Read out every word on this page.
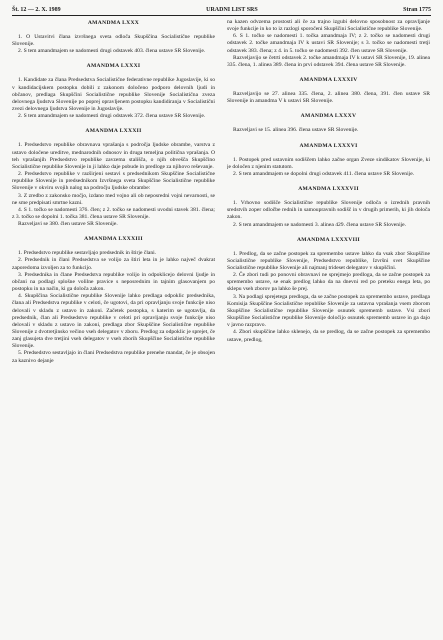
Št. 12 — 2. X. 1989	URADNI LIST SRS	Stran 1775
AMANDMA LXXX

1. O Ustavitvi člana izvršnega sveta odloča Skupščina Socialistične republike Slovenije.

2. S tem amandmajem se nadomesti drugi odstavek 403. člena ustave SR Slovenije.

AMANDMA LXXXI

1. Kandidate za člana Predsedstva Socialistične federativne republike Jugoslavije, ki so v kandidacijskem postopku dobili z zakonom določeno podporo delovnih ljudi in občanov, predlaga Skupščini Socialistične republike Slovenije Socialistična zveza delovnega ljudstva Slovenije po poprej opravljenem postopku kandidiranja v Socialistični zvezi delovnega ljudstva Slovenije in Jugoslavije.

2. S tem amandmajem se nadomesti drugi odstavek 372. člena ustave SR Slovenije.

AMANDMA LXXXII

1. Predsedstvo republike obravnava vprašanja s področja ljudske obrambe, varstva z ustavo določene ureditve, mednarodnih odnosov in druga temeljna politična vprašanja. O teh vprašanjih Predsedstvo republike zavzema stališča, o njih obvešča Skupščino Socialistične republike Slovenije in ji lahko daje pobude in predloge za njihovo reševanje.

2. Predsedstvo republike v razširjeni sestavi s predsednikom Skupščine Socialistične republike Slovenije in predsednikom Izvršnega sveta Skupščine Socialistične republike Slovenije v okviru svojih nalog na področju ljudske obrambe:

3. Z zredbo z zakonsko močjo, izdano med vojno ali ob neposredni vojni nevarnosti, se ne sme predpisati smrtne kazni.

4. S 1. točko se nadomesti 376. člen; z 2. točko se nadomesti uvodni stavek 381. člena; z 3. točko se dopolni 1. točka 381. člena ustave SR Slovenije.

Razveljavi se 380. člen ustave SR Slovenije.

AMANDMA LXXXIII

1. Predsedstvo republike sestavljajo predsednik in štirje člani.

2. Predsednik in člani Predsedstva se volijo za štiri leta in je lahko največ dvakrat zaporedoma izvoljen za to funkcijo.

3. Predsednika in člane Predsedstva republike volijo in odpoklicejo delovni ljudje in občani na podlagi splošne volilne pravice s neposrednim in tajnim glasovanjem po postopku in na način, ki ga določa zakon.

4. Skupščina Socialistične republike Slovenije lahko predlaga odpoklic predsednika, člana ali Predsedstva republike v celoti, če ugotovi, da pri opravljanju svoje funkcije niso delovali v skladu z ustavo in zakoni. Začetek postopka, s katerim se ugotavlja, da predsednik, član ali Predsedstvo republike v celoti pri opravljanju svoje funkcije niso delovali v skladu z ustavo in zakoni, predlaga zbor Skupščine Socialistične republike Slovenije z dvotretjinsko večino vseh delegatov v zboru. Predlog za odpoklic je sprejet, če zanj glasujeta dve tretjini vseh delegatov v vseh zborih Skupščine Socialistične republike Slovenije.

5. Predsedstvo sestavljajo in člani Predsedstva republike prenehe mandat, če je obsojen za kaznivo dejanje

na kazen odvzema prostosti ali če za trajno izgubi delovno sposobnost za opravljanje svoje funkcije in ko to iz razlogi sporočeni Skupščini Socialistične republike Slovenije.

6. S 1. točko se nadomesti 1. točka amandmaja IV; z 2. točko se nadomesti drugi odstavek 2. točke amandmaja IV k ustavi SR Slovenije; s 3. točko se nadomesti tretji odstavek 383. člena; z 4. in 5. točko se nadomesti 392. člen ustave SR Slovenije.

Razveljavijo se četrti odstavek 2. točke amandmaja IV k ustavi SR Slovenije, 19. alinea 335. člena, 1. alinea 389. člena in prvi odstavek 394. člena ustave SR Slovenije.

AMANDMA LXXXIV

Razveljavijo se 27. alinea 335. člena, 2. alinea 380. člena, 391. člen ustave SR Slovenije in amandma V k ustavi SR Slovenije.

AMANDMA LXXXV

Razveljavi se 15. alinea 396. člena ustave SR Slovenije.

AMANDMA LXXXVI

1. Postopek pred ustavnim sodiščem lahko začne organ Zveze sindikatov Slovenije, ki je določen z njenim statutom.

2. S tem amandmajem se dopolni drugi odstavek 411. člena ustave SR Slovenije.

AMANDMA LXXXVII

1. Vrhovno sodišče Socialistične republike Slovenije odloča o izrednih pravnih sredstvih zoper odločbe rednih in samoupravnih sodišč in v drugih primerih, ki jih določa zakon.

2. S tem amandmajem se nadomesti 3. alinea 429. člena ustave SR Slovenije.

AMANDMA LXXXVIII

1. Predlog, da se začne postopek za spremembo ustave lahko da vsak zbor Skupščine Socialistične republike Slovenije, Predsedstvo republike, Izvršni svet Skupščine Socialistične republike Slovenije ali najmanj trideset delegatov v skupščini.

2. Če zbori tudi po ponovni obravnavi ne sprejmejo predloga, da se začne postopek za spremembo ustave, se enak predlog lahko da na dnevni red po preteku enega leta, po sklepu vseh zborov pa lahko še prej.

3. Na podlagi sprejetega predloga, da se začne postopek za spremembo ustave, predlaga Komisija Skupščine Socialistične republike Slovenije za ustavna vprašanja vsem zborom Skupščine Socialistične republike Slovenije osnutek sprememb ustave. Vsi zbori Skupščine Socialistične republike Slovenije določijo osnutek sprememb ustave in ga dajo v javno razpravo.

4. Zbori skupščine lahko sklenejo, da se predlog, da se začne postopek za spremembo ustave, predlog,
